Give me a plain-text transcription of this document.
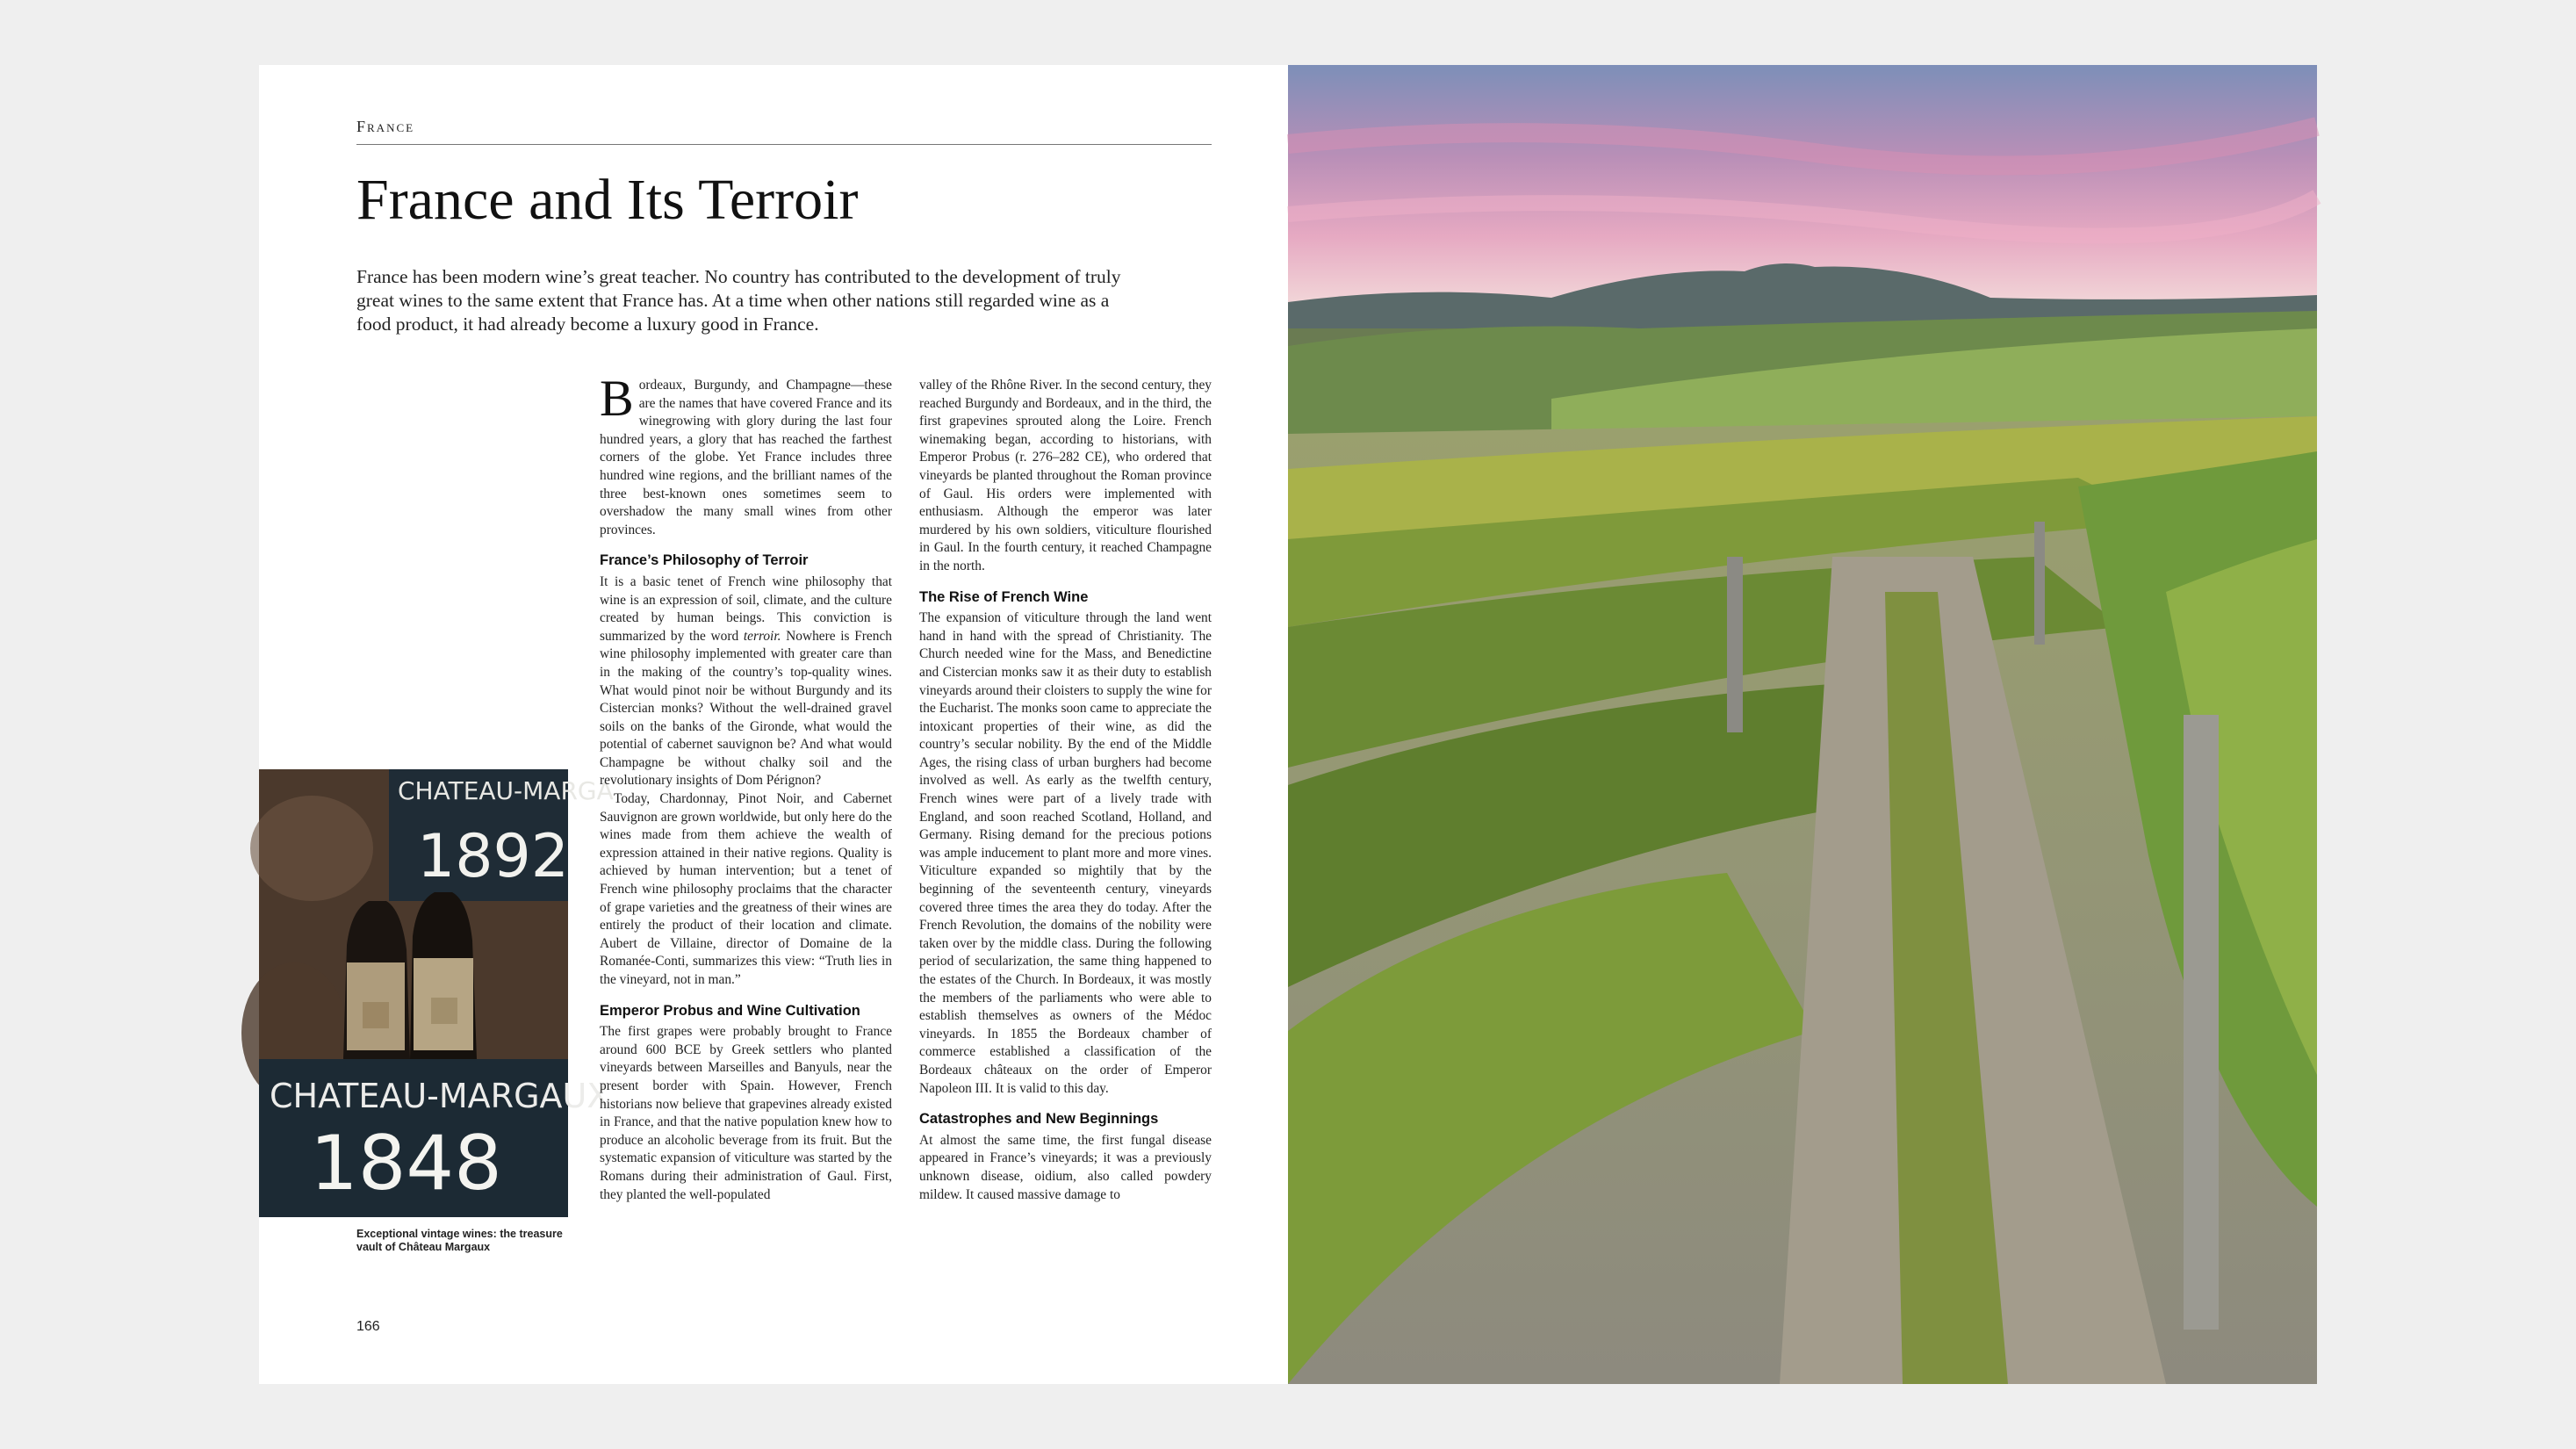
France
France and Its Terroir

France has been modern wine’s great teacher. No country has contributed to the development of truly great wines to the same extent that France has. At a time when other nations still regarded wine as a food product, it had already become a luxury good in France.

CHATEAU-MARGA
1892
CHATEAU-MARGAUX
1848
Exceptional vintage wines: the treasure vault of Château Margaux

Bordeaux, Burgundy, and Champagne—these are the names that have covered France and its winegrowing with glory during the last four hundred years, a glory that has reached the farthest corners of the globe. Yet France includes three hundred wine regions, and the brilliant names of the three best-known ones sometimes seem to overshadow the many small wines from other provinces.

France’s Philosophy of Terroir

It is a basic tenet of French wine philosophy that wine is an expression of soil, climate, and the culture created by human beings. This conviction is summarized by the word terroir. Nowhere is French wine philosophy implemented with greater care than in the making of the country’s top-quality wines. What would pinot noir be without Burgundy and its Cistercian monks? Without the well-drained gravel soils on the banks of the Gironde, what would the potential of cabernet sauvignon be? And what would Champagne be without chalky soil and the revolutionary insights of Dom Pérignon?

Today, Chardonnay, Pinot Noir, and Cabernet Sauvignon are grown worldwide, but only here do the wines made from them achieve the wealth of expression attained in their native regions. Quality is achieved by human intervention; but a tenet of French wine philosophy proclaims that the character of grape varieties and the greatness of their wines are entirely the product of their location and climate. Aubert de Villaine, director of Domaine de la Romanée-Conti, summarizes this view: “Truth lies in the vineyard, not in man.”

Emperor Probus and Wine Cultivation

The first grapes were probably brought to France around 600 BCE by Greek settlers who planted vineyards between Marseilles and Banyuls, near the present border with Spain. However, French historians now believe that grapevines already existed in France, and that the native population knew how to produce an alcoholic beverage from its fruit. But the systematic expansion of viticulture was started by the Romans during their administration of Gaul. First, they planted the well-populated

valley of the Rhône River. In the second century, they reached Burgundy and Bordeaux, and in the third, the first grapevines sprouted along the Loire. French winemaking began, according to historians, with Emperor Probus (r. 276–282 CE), who ordered that vineyards be planted throughout the Roman province of Gaul. His orders were implemented with enthusiasm. Although the emperor was later murdered by his own soldiers, viticulture flourished in Gaul. In the fourth century, it reached Champagne in the north.

The Rise of French Wine

The expansion of viticulture through the land went hand in hand with the spread of Christianity. The Church needed wine for the Mass, and Benedictine and Cistercian monks saw it as their duty to establish vineyards around their cloisters to supply the wine for the Eucharist. The monks soon came to appreciate the intoxicant properties of their wine, as did the country’s secular nobility. By the end of the Middle Ages, the rising class of urban burghers had become involved as well. As early as the twelfth century, French wines were part of a lively trade with England, and soon reached Scotland, Holland, and Germany. Rising demand for the precious potions was ample inducement to plant more and more vines. Viticulture expanded so mightily that by the beginning of the seventeenth century, vineyards covered three times the area they do today. After the French Revolution, the domains of the nobility were taken over by the middle class. During the following period of secularization, the same thing happened to the estates of the Church. In Bordeaux, it was mostly the members of the parliaments who were able to establish themselves as owners of the Médoc vineyards. In 1855 the Bordeaux chamber of commerce established a classification of the Bordeaux châteaux on the order of Emperor Napoleon III. It is valid to this day.

Catastrophes and New Beginnings

At almost the same time, the first fungal disease appeared in France’s vineyards; it was a previously unknown disease, oidium, also called powdery mildew. It caused massive damage to

166
